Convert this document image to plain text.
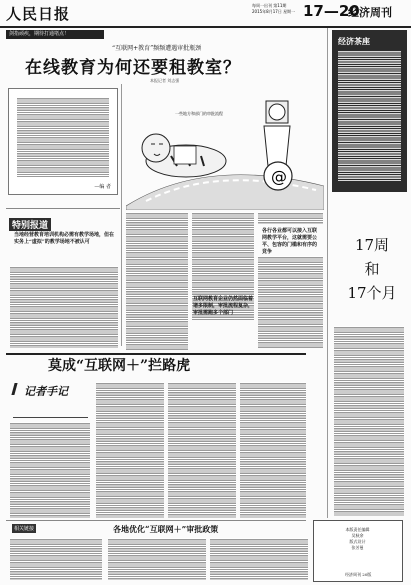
人民日报	每周一出刊 第11期
2015年8月17日 星期一 17—20
经济周刊
剑指顽疾，期待打通堵点！
“互联网+教育”频频遭遇审批瓶颈
在线教育为何还要租教室？
本报记者 刘志强
—编 者
@
一些地方和部门的审批流程
经济茶座
特别报道
当地经营教育培训机构必需有教学场地，但在实务上“虚拟”的教学场地不被认可
互联网教育企业仍然面临着诸多限制，审批流程复杂，审批需跑多个部门
各行各业都可以接入互联网教学平台，这就需要公平、包容的门槛和有序的竞争	17周
和
17个月
莫成“互联网＋”拦路虎
记者手记
相关链接	各地优化“互联网＋”审批政策	本版责任编辑
吴秋余
版式设计
张芳曼
经济周刊 20版
